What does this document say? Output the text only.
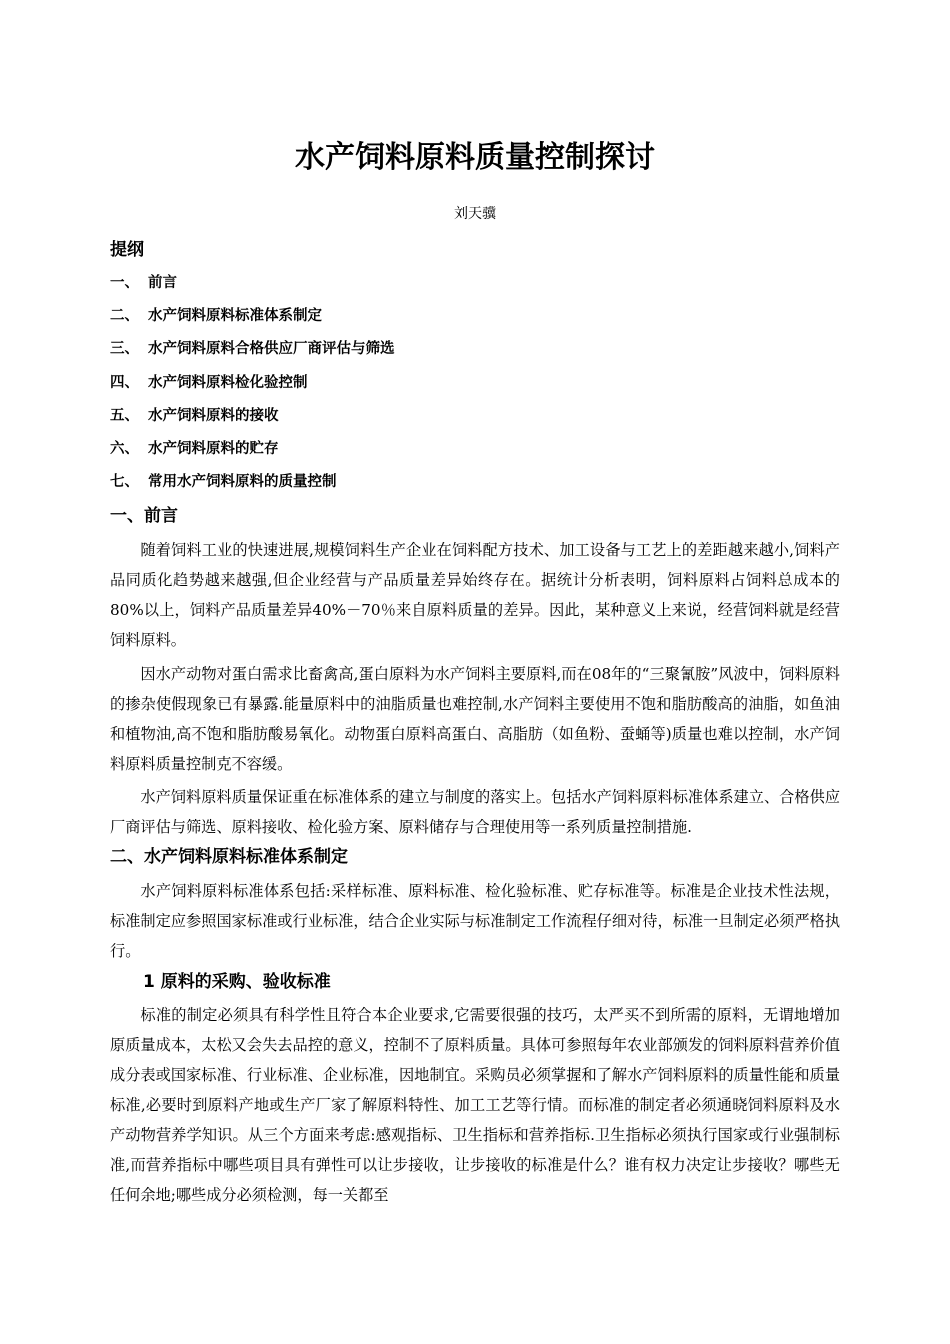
水产饲料原料质量控制探讨
刘天骥
提纲
一、 前言
二、 水产饲料原料标准体系制定
三、 水产饲料原料合格供应厂商评估与筛选
四、 水产饲料原料检化验控制
五、 水产饲料原料的接收
六、 水产饲料原料的贮存
七、 常用水产饲料原料的质量控制
一、前言

随着饲料工业的快速进展,规模饲料生产企业在饲料配方技术、加工设备与工艺上的差距越来越小,饲料产品同质化趋势越来越强,但企业经营与产品质量差异始终存在。据统计分析表明，饲料原料占饲料总成本的80%以上，饲料产品质量差异40%－70％来自原料质量的差异。因此，某种意义上来说，经营饲料就是经营饲料原料。

因水产动物对蛋白需求比畜禽高,蛋白原料为水产饲料主要原料,而在08年的“三聚氰胺”风波中，饲料原料的掺杂使假现象已有暴露.能量原料中的油脂质量也难控制,水产饲料主要使用不饱和脂肪酸高的油脂，如鱼油和植物油,高不饱和脂肪酸易氧化。动物蛋白原料高蛋白、高脂肪（如鱼粉、蚕蛹等)质量也难以控制，水产饲料原料质量控制克不容缓。

水产饲料原料质量保证重在标准体系的建立与制度的落实上。包括水产饲料原料标准体系建立、合格供应厂商评估与筛选、原料接收、检化验方案、原料储存与合理使用等一系列质量控制措施.

二、水产饲料原料标准体系制定

水产饲料原料标准体系包括:采样标准、原料标准、检化验标准、贮存标准等。标准是企业技术性法规，标准制定应参照国家标准或行业标准，结合企业实际与标准制定工作流程仔细对待，标准一旦制定必须严格执行。

1 原料的采购、验收标准

标准的制定必须具有科学性且符合本企业要求,它需要很强的技巧，太严买不到所需的原料，无谓地增加原质量成本，太松又会失去品控的意义，控制不了原料质量。具体可参照每年农业部颁发的饲料原料营养价值成分表或国家标准、行业标准、企业标准，因地制宜。采购员必须掌握和了解水产饲料原料的质量性能和质量标准,必要时到原料产地或生产厂家了解原料特性、加工工艺等行情。而标准的制定者必须通晓饲料原料及水产动物营养学知识。从三个方面来考虑:感观指标、卫生指标和营养指标.卫生指标必须执行国家或行业强制标准,而营养指标中哪些项目具有弹性可以让步接收，让步接收的标准是什么？谁有权力决定让步接收？哪些无任何余地;哪些成分必须检测，每一关都至
